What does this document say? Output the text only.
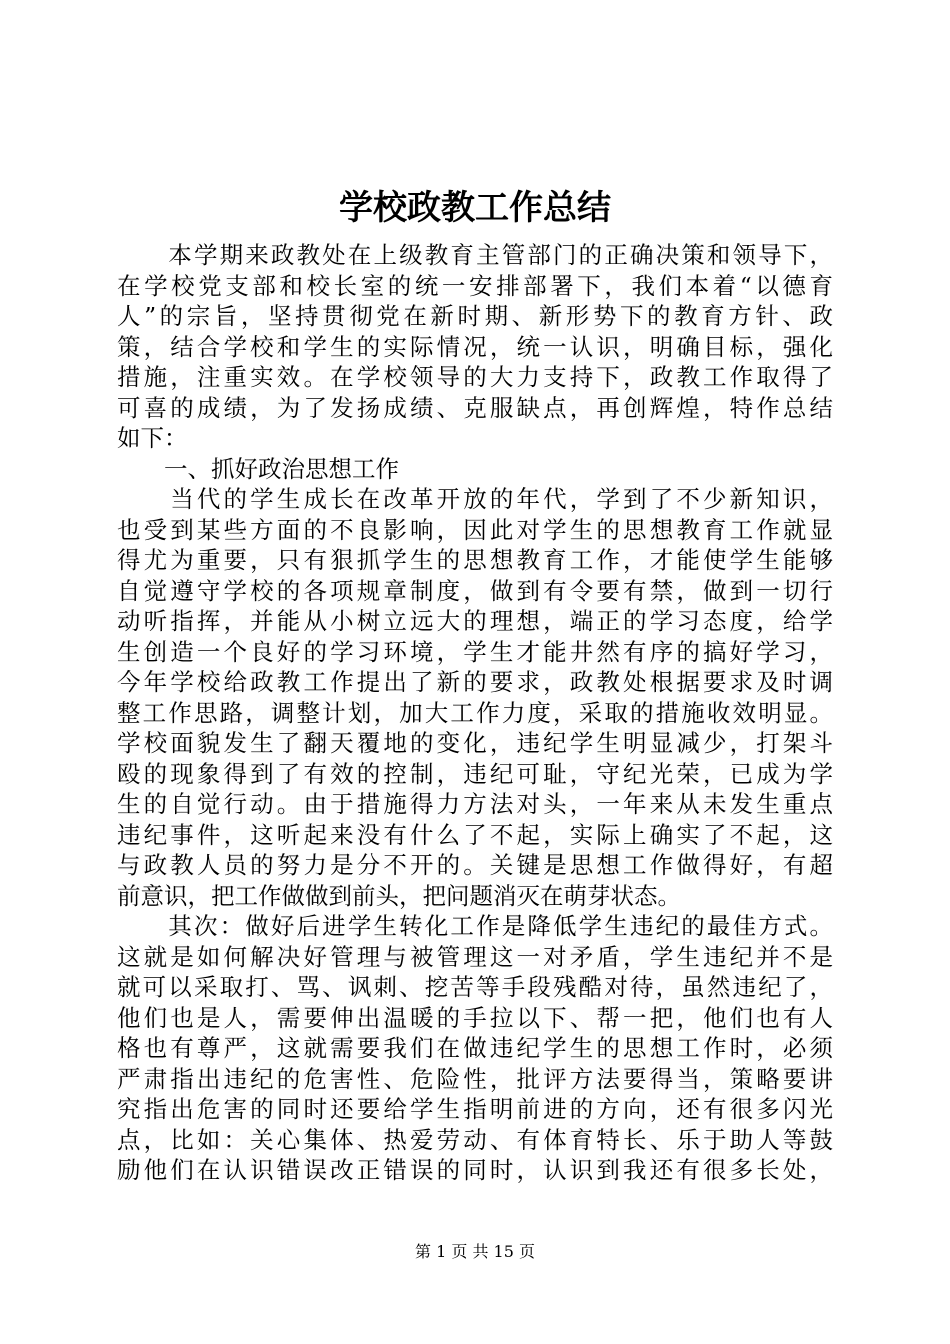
学校政教工作总结
　　本学期来政教处在上级教育主管部门的正确决策和领导下，
在学校党支部和校长室的统一安排部署下，我们本着“以德育
人”的宗旨，坚持贯彻党在新时期、新形势下的教育方针、政
策，结合学校和学生的实际情况，统一认识，明确目标，强化
措施，注重实效。在学校领导的大力支持下，政教工作取得了
可喜的成绩，为了发扬成绩、克服缺点，再创辉煌，特作总结
如下：
　　一、抓好政治思想工作
　　当代的学生成长在改革开放的年代，学到了不少新知识，
也受到某些方面的不良影响，因此对学生的思想教育工作就显
得尤为重要，只有狠抓学生的思想教育工作，才能使学生能够
自觉遵守学校的各项规章制度，做到有令要有禁，做到一切行
动听指挥，并能从小树立远大的理想，端正的学习态度，给学
生创造一个良好的学习环境，学生才能井然有序的搞好学习，
今年学校给政教工作提出了新的要求，政教处根据要求及时调
整工作思路，调整计划，加大工作力度，采取的措施收效明显。
学校面貌发生了翻天覆地的变化，违纪学生明显减少，打架斗
殴的现象得到了有效的控制，违纪可耻，守纪光荣，已成为学
生的自觉行动。由于措施得力方法对头，一年来从未发生重点
违纪事件，这听起来没有什么了不起，实际上确实了不起，这
与政教人员的努力是分不开的。关键是思想工作做得好，有超
前意识，把工作做做到前头，把问题消灭在萌芽状态。
　　其次：做好后进学生转化工作是降低学生违纪的最佳方式。
这就是如何解决好管理与被管理这一对矛盾，学生违纪并不是
就可以采取打、骂、讽刺、挖苦等手段残酷对待，虽然违纪了，
他们也是人，需要伸出温暖的手拉以下、帮一把，他们也有人
格也有尊严，这就需要我们在做违纪学生的思想工作时，必须
严肃指出违纪的危害性、危险性，批评方法要得当，策略要讲
究指出危害的同时还要给学生指明前进的方向，还有很多闪光
点，比如：关心集体、热爱劳动、有体育特长、乐于助人等鼓
励他们在认识错误改正错误的同时，认识到我还有很多长处，
第 1 页 共 15 页
